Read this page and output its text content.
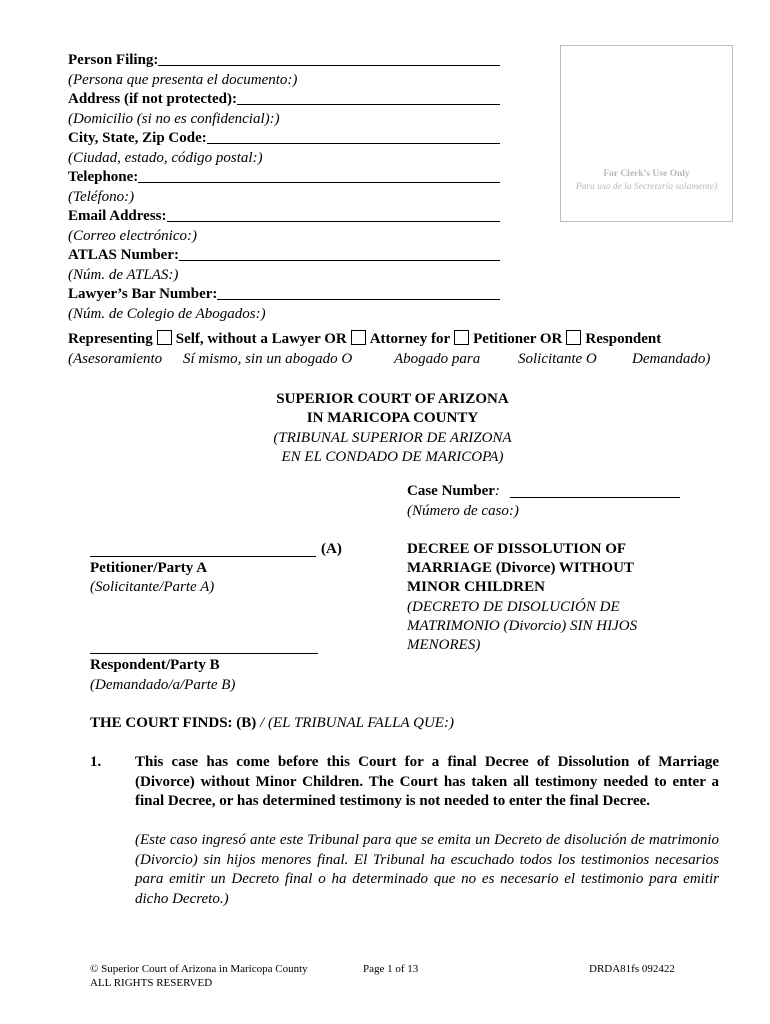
Person Filing:
(Persona que presenta el documento:)
Address (if not protected):
(Domicilio (si no es confidencial):)
City, State, Zip Code:
(Ciudad, estado, código postal:)
Telephone:
(Teléfono:)
Email Address:
(Correo electrónico:)
ATLAS Number:
(Núm. de ATLAS:)
Lawyer’s Bar Number:
(Núm. de Colegio de Abogados:)
For Clerk’s Use Only
Para uso de la Secretaría solamente)
Representing Self, without a Lawyer OR Attorney for Petitioner OR Respondent
(Asesoramiento Sí mismo, sin un abogado O	Abogado para	Solicitante O Demandado)
SUPERIOR COURT OF ARIZONA
IN MARICOPA COUNTY
(TRIBUNAL SUPERIOR DE ARIZONA
EN EL CONDADO DE MARICOPA)
Case Number:
(Número de caso:)
(A)
Petitioner/Party A
(Solicitante/Parte A)
DECREE OF DISSOLUTION OF
MARRIAGE (Divorce) WITHOUT
MINOR CHILDREN
(DECRETO DE DISOLUCIÓN DE
MATRIMONIO (Divorcio) SIN HIJOS
MENORES)
Respondent/Party B
(Demandado/a/Parte B)
THE COURT FINDS: (B) / (EL TRIBUNAL FALLA QUE:)
1. This case has come before this Court for a final Decree of Dissolution of Marriage (Divorce) without Minor Children. The Court has taken all testimony needed to enter a final Decree, or has determined testimony is not needed to enter the final Decree.
(Este caso ingresó ante este Tribunal para que se emita un Decreto de disolución de matrimonio (Divorcio) sin hijos menores final. El Tribunal ha escuchado todos los testimonios necesarios para emitir un Decreto final o ha determinado que no es necesario el testimonio para emitir dicho Decreto.)
© Superior Court of Arizona in Maricopa County
ALL RIGHTS RESERVED
Page 1 of 13	DRDA81fs 092422
